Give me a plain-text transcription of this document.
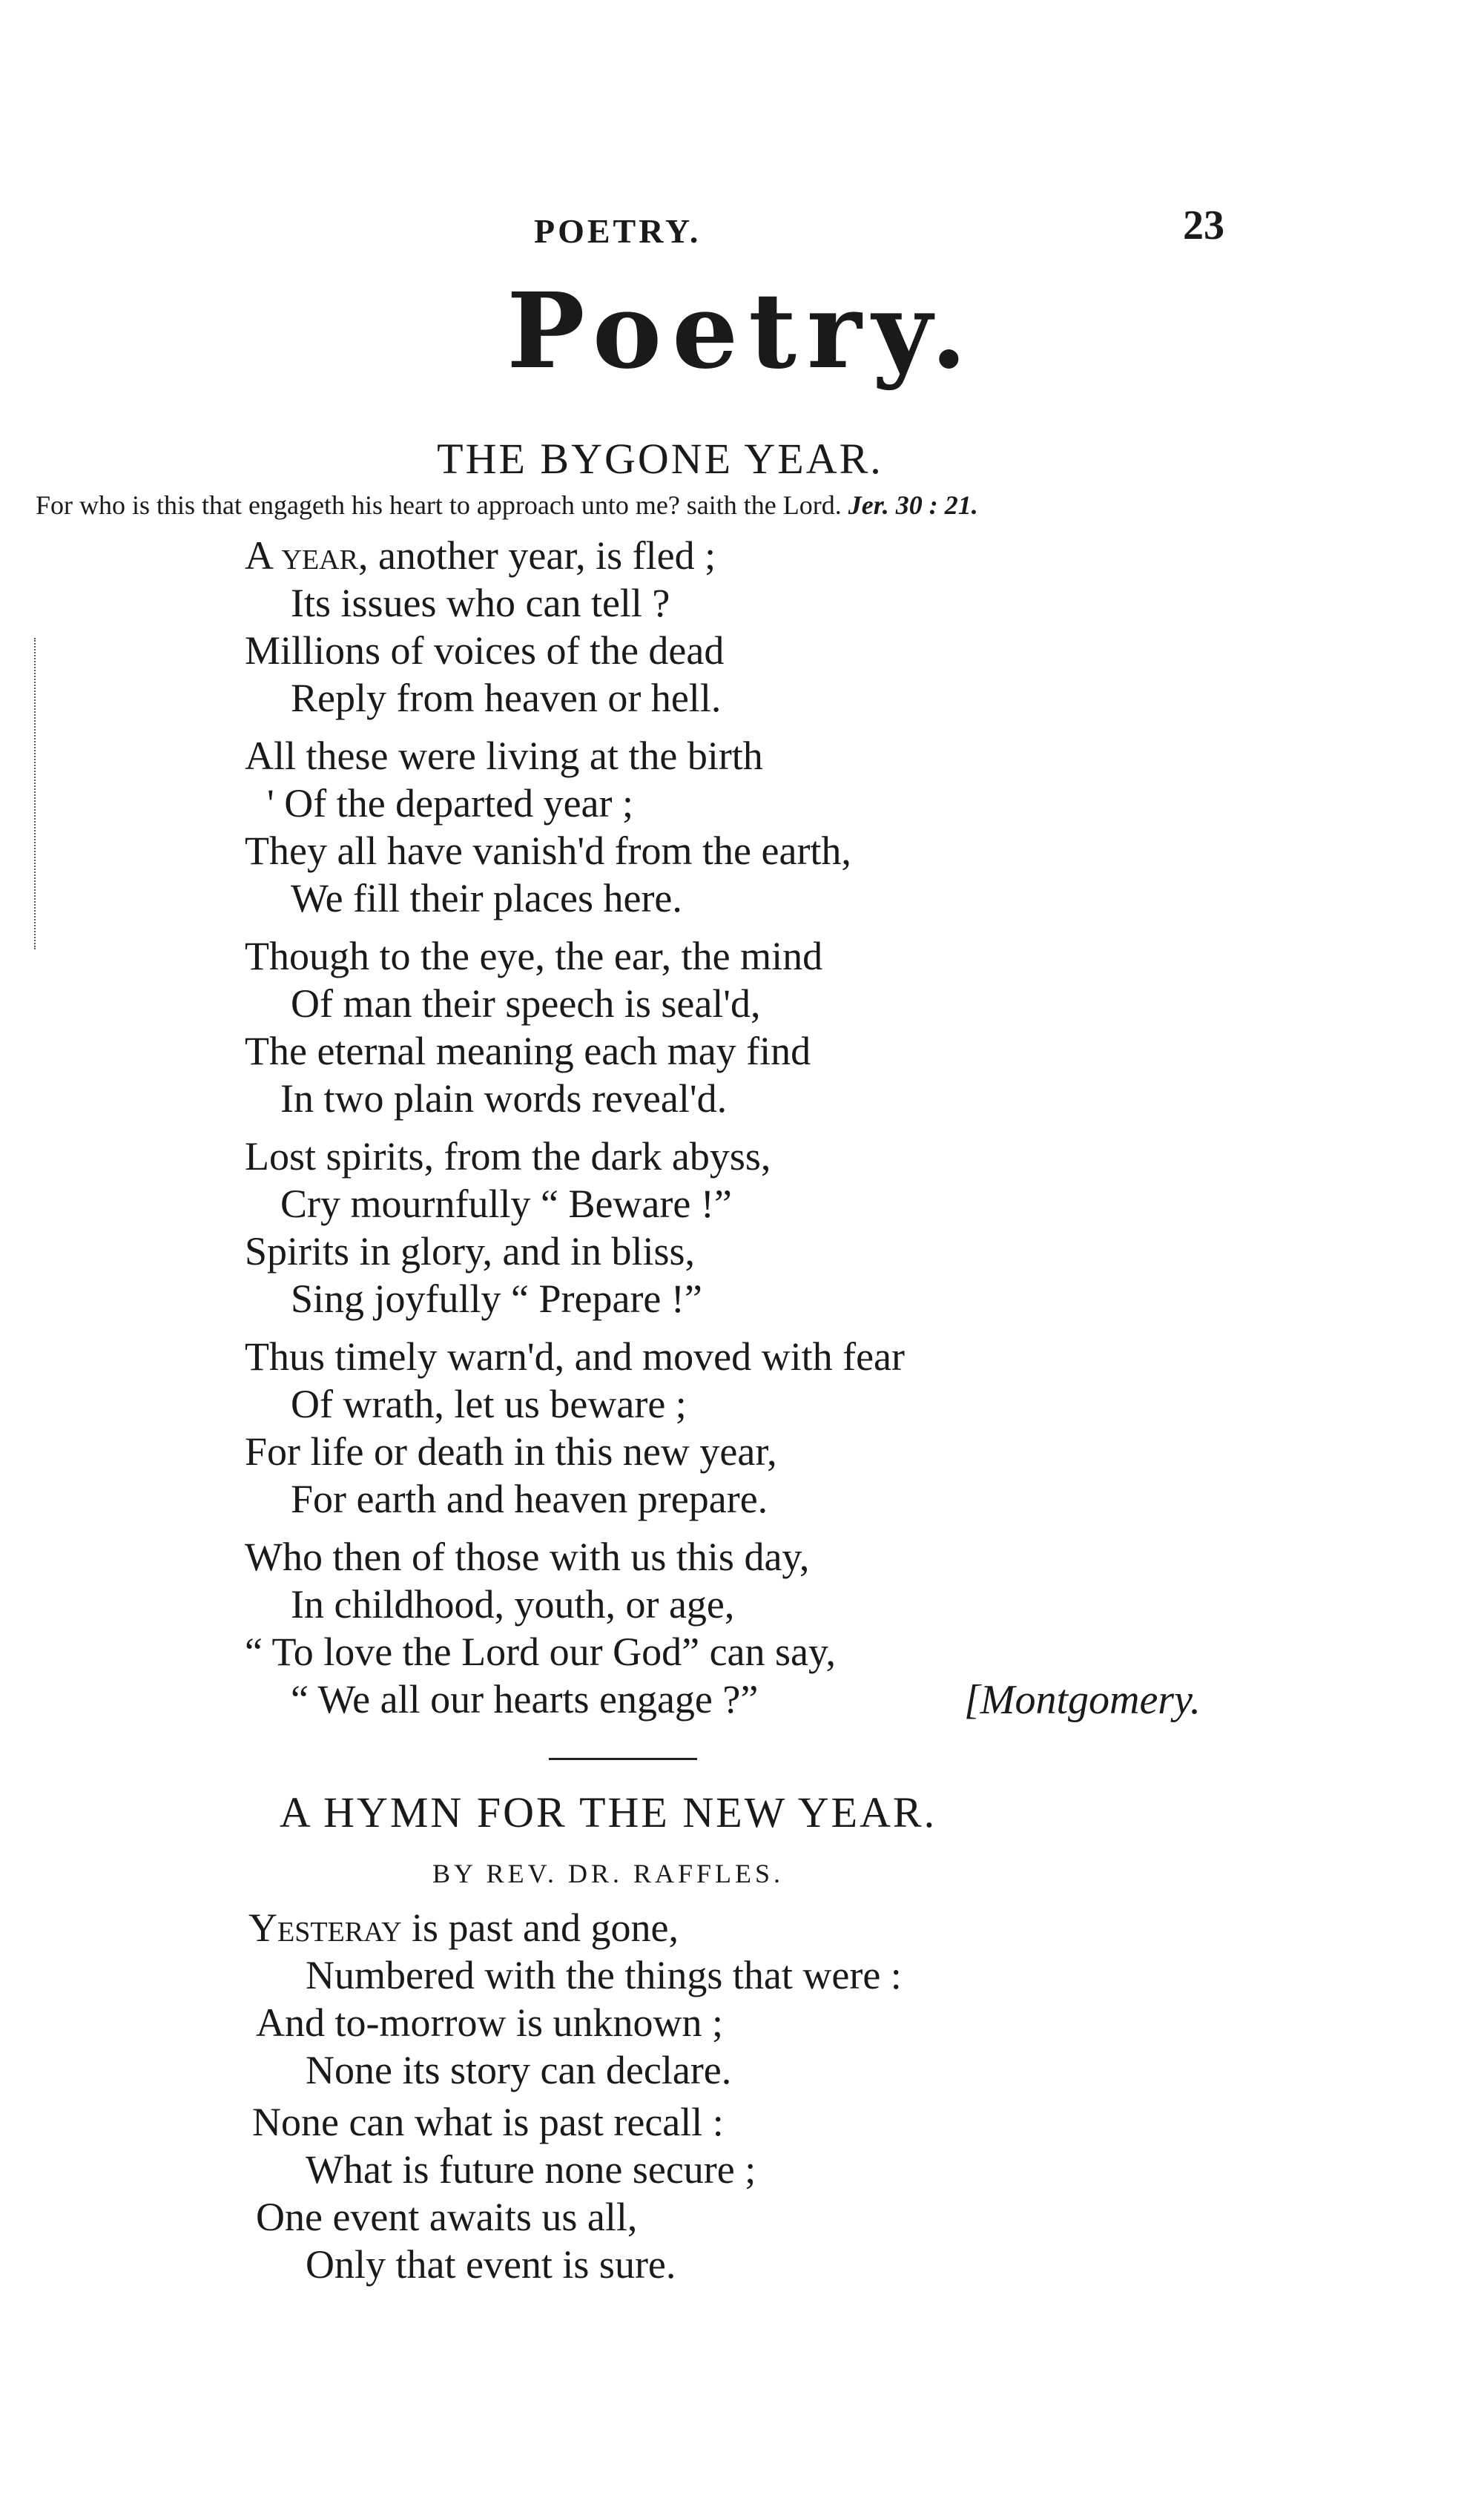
POETRY.	23
Poetry.
THE BYGONE YEAR.
For who is this that engageth his heart to approach unto me? saith the Lord. Jer. 30 : 21.
A year, another year, is fled ;
Its issues who can tell ?
Millions of voices of the dead
Reply from heaven or hell.
All these were living at the birth
' Of the departed year ;
They all have vanish'd from the earth,
We fill their places here.
Though to the eye, the ear, the mind
Of man their speech is seal'd,
The eternal meaning each may find
In two plain words reveal'd.
Lost spirits, from the dark abyss,
Cry mournfully “ Beware !”
Spirits in glory, and in bliss,
Sing joyfully “ Prepare !”
Thus timely warn'd, and moved with fear
Of wrath, let us beware ;
For life or death in this new year,
For earth and heaven prepare.
Who then of those with us this day,
In childhood, youth, or age,
“ To love the Lord our God” can say,
“ We all our hearts engage ?”	[Montgomery.
A HYMN FOR THE NEW YEAR.
BY REV. DR. RAFFLES.
Yesteray is past and gone,
Numbered with the things that were :
And to-morrow is unknown ;
None its story can declare.
None can what is past recall :
What is future none secure ;
One event awaits us all,
Only that event is sure.
